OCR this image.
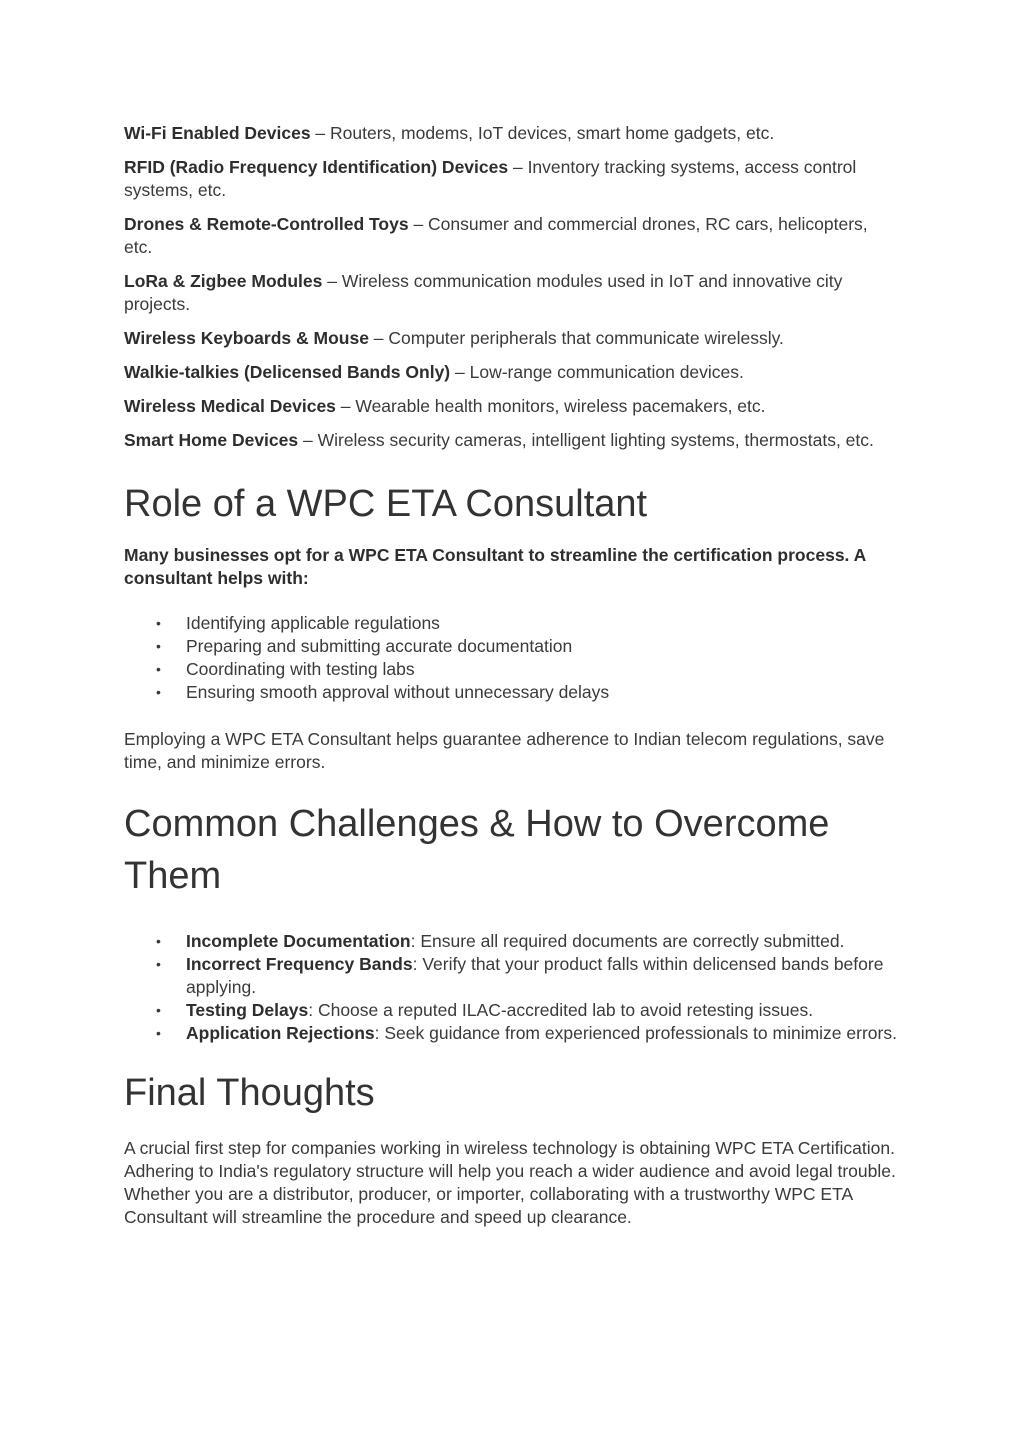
Wi-Fi Enabled Devices – Routers, modems, IoT devices, smart home gadgets, etc.

RFID (Radio Frequency Identification) Devices – Inventory tracking systems, access control systems, etc.

Drones & Remote-Controlled Toys – Consumer and commercial drones, RC cars, helicopters, etc.

LoRa & Zigbee Modules – Wireless communication modules used in IoT and innovative city projects.

Wireless Keyboards & Mouse – Computer peripherals that communicate wirelessly.

Walkie-talkies (Delicensed Bands Only) – Low-range communication devices.

Wireless Medical Devices – Wearable health monitors, wireless pacemakers, etc.

Smart Home Devices – Wireless security cameras, intelligent lighting systems, thermostats, etc.

Role of a WPC ETA Consultant

Many businesses opt for a WPC ETA Consultant to streamline the certification process. A consultant helps with:

• Identifying applicable regulations
• Preparing and submitting accurate documentation
• Coordinating with testing labs
• Ensuring smooth approval without unnecessary delays

Employing a WPC ETA Consultant helps guarantee adherence to Indian telecom regulations, save time, and minimize errors.

Common Challenges & How to Overcome Them
• Incomplete Documentation: Ensure all required documents are correctly submitted.
• Incorrect Frequency Bands: Verify that your product falls within delicensed bands before applying.
• Testing Delays: Choose a reputed ILAC-accredited lab to avoid retesting issues.
• Application Rejections: Seek guidance from experienced professionals to minimize errors.
Final Thoughts

A crucial first step for companies working in wireless technology is obtaining WPC ETA Certification. Adhering to India's regulatory structure will help you reach a wider audience and avoid legal trouble. Whether you are a distributor, producer, or importer, collaborating with a trustworthy WPC ETA Consultant will streamline the procedure and speed up clearance.
